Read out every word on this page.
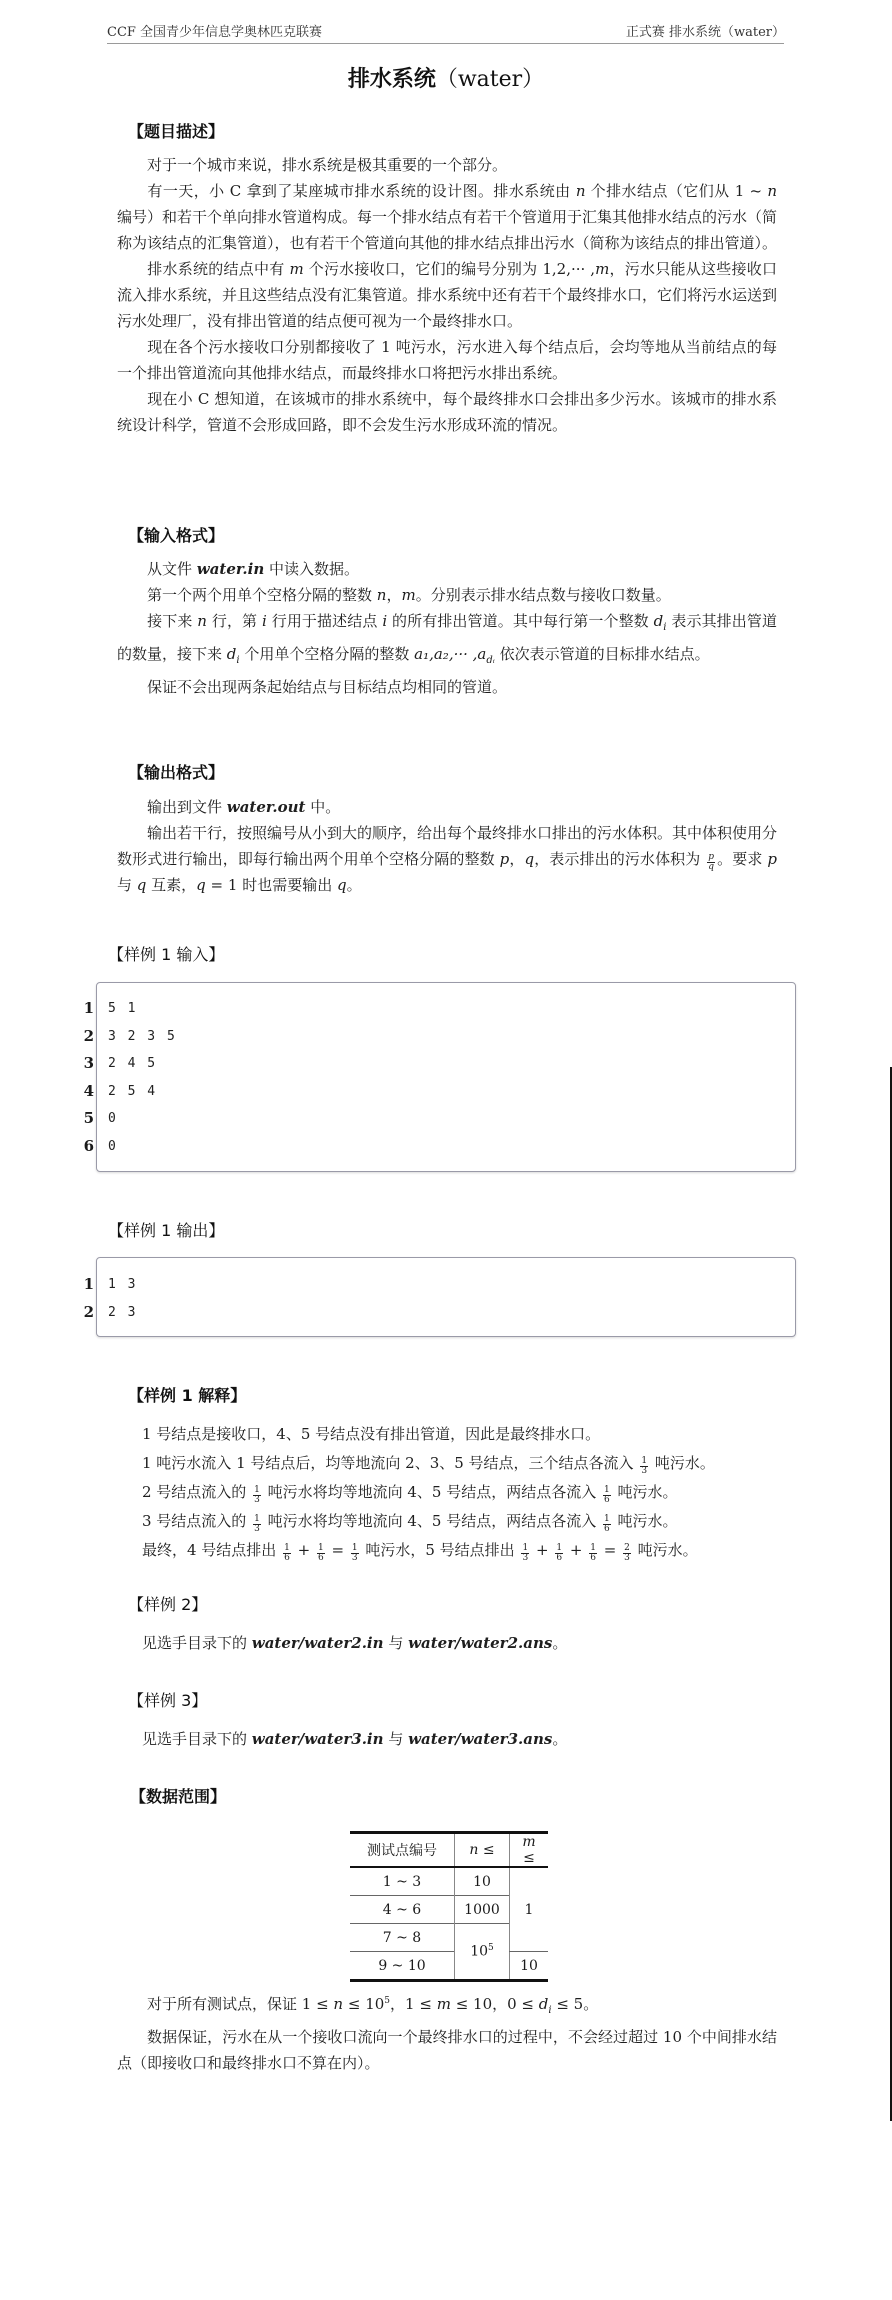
CCF 全国青少年信息学奥林匹克联赛	正式赛 排水系统（water）
排水系统（water）
【题目描述】

对于一个城市来说，排水系统是极其重要的一个部分。

有一天，小 C 拿到了某座城市排水系统的设计图。排水系统由 n 个排水结点（它们从 1 ~ n 编号）和若干个单向排水管道构成。每一个排水结点有若干个管道用于汇集其他排水结点的污水（简称为该结点的汇集管道），也有若干个管道向其他的排水结点排出污水（简称为该结点的排出管道）。

排水系统的结点中有 m 个污水接收口，它们的编号分别为 1,2,··· ,m，污水只能从这些接收口流入排水系统，并且这些结点没有汇集管道。排水系统中还有若干个最终排水口，它们将污水运送到污水处理厂，没有排出管道的结点便可视为一个最终排水口。

现在各个污水接收口分别都接收了 1 吨污水，污水进入每个结点后，会均等地从当前结点的每一个排出管道流向其他排水结点，而最终排水口将把污水排出系统。

现在小 C 想知道，在该城市的排水系统中，每个最终排水口会排出多少污水。该城市的排水系统设计科学，管道不会形成回路，即不会发生污水形成环流的情况。

【输入格式】

从文件 water.in 中读入数据。

第一个两个用单个空格分隔的整数 n，m。分别表示排水结点数与接收口数量。

接下来 n 行，第 i 行用于描述结点 i 的所有排出管道。其中每行第一个整数 $d_i$ 表示其排出管道的数量，接下来 $d_i$ 个用单个空格分隔的整数 $a_1,a_2,\cdot\cdot\cdot ,a_{dᵢ}$ 依次表示管道的目标排水结点。

保证不会出现两条起始结点与目标结点均相同的管道。

【输出格式】

输出到文件 water.out 中。

输出若干行，按照编号从小到大的顺序，给出每个最终排水口排出的污水体积。其中体积使用分数形式进行输出，即每行输出两个用单个空格分隔的整数 p，q，表示排出的污水体积为 $\frac{p}{q}$ 。要求 p 与 q 互素，q = 1 时也需要输出 q。

【样例 1 输入】
1 5 1
2 3 2 3 5
3 2 4 5
4 2 5 4
5 0
6 0
【样例 1 输出】
1 1 3
2 2 3
【样例 1 解释】

1 号结点是接收口，4、5 号结点没有排出管道，因此是最终排水口。

1 吨污水流入 1 号结点后，均等地流向 2、3、5 号结点，三个结点各流入 $\frac{1}{3}$ 吨污水。

2 号结点流入的 $\frac{1}{3}$ 吨污水将均等地流向 4、5 号结点，两结点各流入 $\frac{1}{6}$ 吨污水。

3 号结点流入的 $\frac{1}{3}$ 吨污水将均等地流向 4、5 号结点，两结点各流入 $\frac{1}{6}$ 吨污水。

最终，4 号结点排出 $\frac{1}{6} + \frac{1}{6} = \frac{1}{3}$ 吨污水，5 号结点排出 $\frac{1}{3} + \frac{1}{6} + \frac{1}{6} = \frac{2}{3}$ 吨污水。

【样例 2】
见选手目录下的 water/water2.in 与 water/water2.ans。
【样例 3】
见选手目录下的 water/water3.in 与 water/water3.ans。
【数据范围】
测试点编号	n ≤	m ≤
1 ~ 3	10	1
4 ~ 6	1000	
7 ~ 8	$10^5$
9 ~ 10		10

对于所有测试点，保证 $1 \le n \le 10^5$，1 ≤ m ≤ 10，$0 \le d_i \le 5$。

数据保证，污水在从一个接收口流向一个最终排水口的过程中，不会经过超过 10 个中间排水结点（即接收口和最终排水口不算在内）。
